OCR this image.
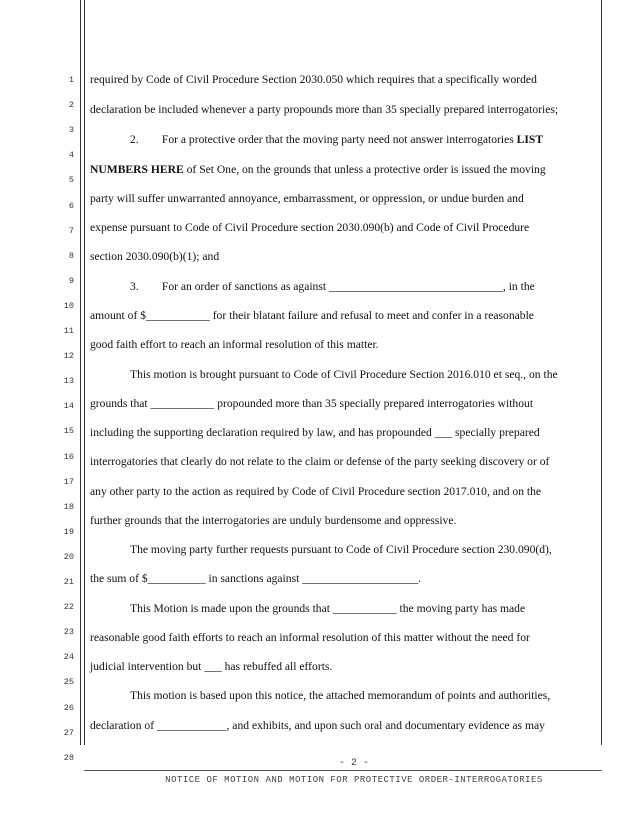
1
2
3
4
5
6
7
8
9
10
11
12
13
14
15
16
17
18
19
20
21
22
23
24
25
26
27
28
required by Code of Civil Procedure Section 2030.050 which requires that a specifically worded
declaration be included whenever a party propounds more than 35 specially prepared interrogatories;
2.        For a protective order that the moving party need not answer interrogatories LIST
NUMBERS HERE of Set One, on the grounds that unless a protective order is issued the moving
party will suffer unwarranted annoyance, embarrassment, or oppression, or undue burden and
expense pursuant to Code of Civil Procedure section 2030.090(b) and Code of Civil Procedure
section 2030.090(b)(1); and
3.        For an order of sanctions as against ______________________________, in the
amount of $___________ for their blatant failure and refusal to meet and confer in a reasonable
good faith effort to reach an informal resolution of this matter.
This motion is brought pursuant to Code of Civil Procedure Section 2016.010 et seq., on the
grounds that ___________ propounded more than 35 specially prepared interrogatories without
including the supporting declaration required by law, and has propounded ___ specially prepared
interrogatories that clearly do not relate to the claim or defense of the party seeking discovery or of
any other party to the action as required by Code of Civil Procedure section 2017.010, and on the
further grounds that the interrogatories are unduly burdensome and oppressive.
The moving party further requests pursuant to Code of Civil Procedure section 230.090(d),
the sum of $__________ in sanctions against ____________________.
This Motion is made upon the grounds that ___________ the moving party has made
reasonable good faith efforts to reach an informal resolution of this matter without the need for
judicial intervention but ___ has rebuffed all efforts.
This motion is based upon this notice, the attached memorandum of points and authorities,
declaration of ____________, and exhibits, and upon such oral and documentary evidence as may
- 2 -
NOTICE OF MOTION AND MOTION FOR PROTECTIVE ORDER-INTERROGATORIES
